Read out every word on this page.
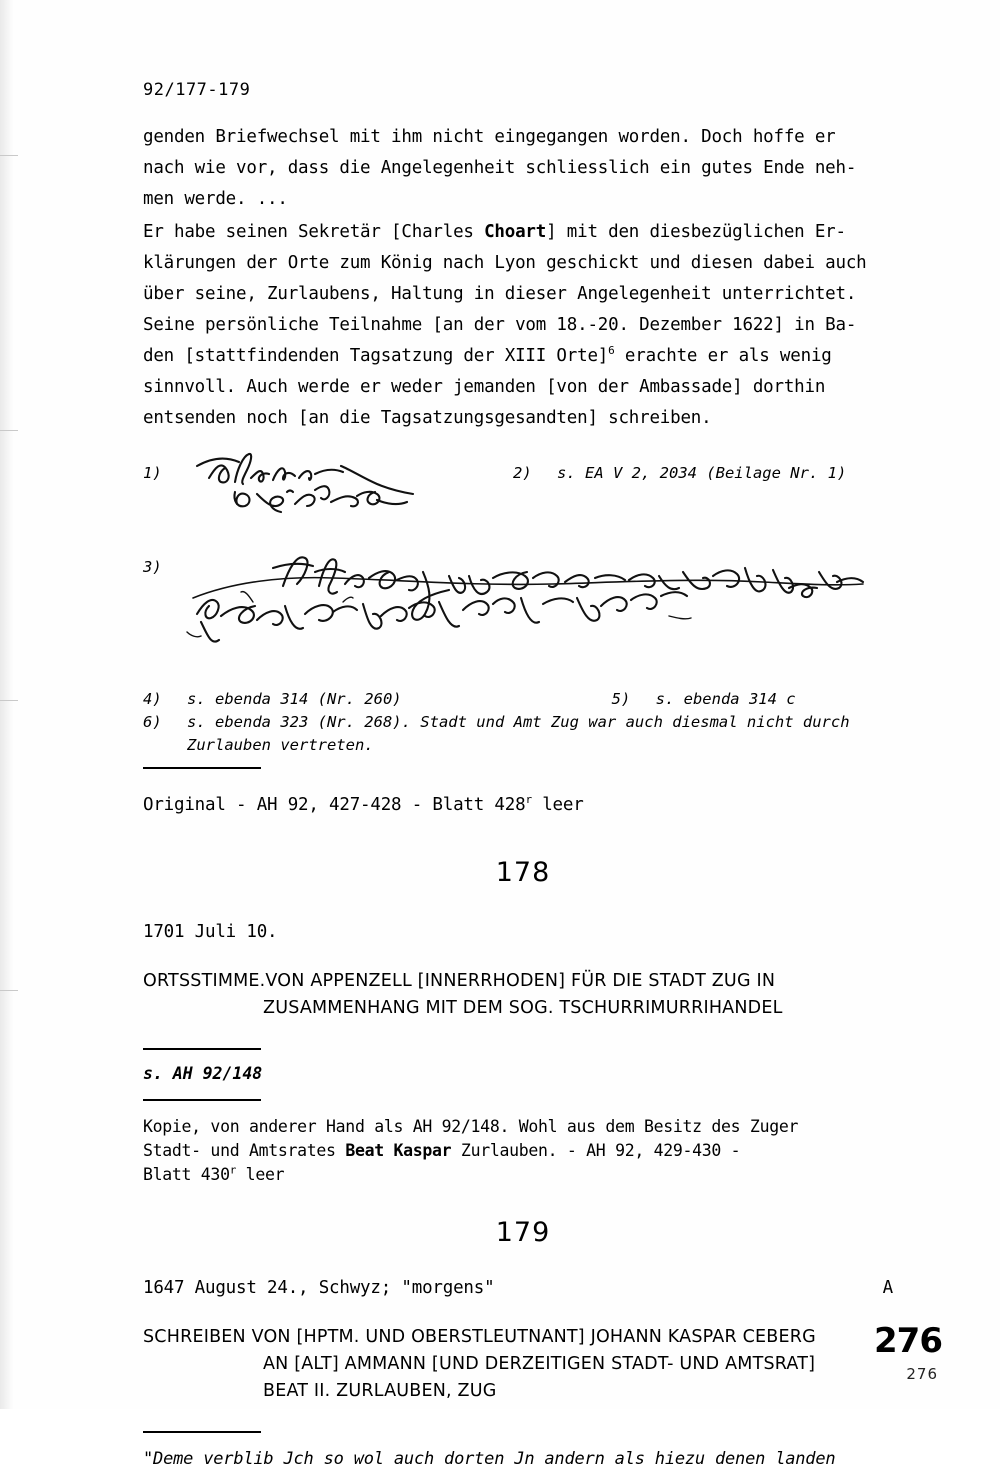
92/177-179

genden Briefwechsel mit ihm nicht eingegangen worden. Doch hoffe er
nach wie vor, dass die Angelegenheit schliesslich ein gutes Ende neh-
men werde. ...

Er habe seinen Sekretär [Charles Choart] mit den diesbezüglichen Er-
klärungen der Orte zum König nach Lyon geschickt und diesen dabei auch
über seine, Zurlaubens, Haltung in dieser Angelegenheit unterrichtet.
Seine persönliche Teilnahme [an der vom 18.-20. Dezember 1622] in Ba-
den [stattfindenden Tagsatzung der XIII Orte]$^6$ erachte er als wenig
sinnvoll. Auch werde er weder jemanden [von der Ambassade] dorthin
entsenden noch [an die Tagsatzungsgesandten] schreiben.

1)	2)	s. EA V 2, 2034 (Beilage Nr. 1)
3)
4)	s. ebenda 314 (Nr. 260)	5)	s. ebenda 314 c
6)	s. ebenda 323 (Nr. 268). Stadt und Amt Zug war auch diesmal nicht durch
Zurlauben vertreten.
Original - AH 92, 427-428 - Blatt 428$^r$ leer
178
1701 Juli 10.
ORTSSTIMME.VON APPENZELL [INNERRHODEN] FÜR DIE STADT ZUG IN
ZUSAMMENHANG MIT DEM SOG. TSCHURRIMURRIHANDEL
s. AH 92/148
Kopie, von anderer Hand als AH 92/148. Wohl aus dem Besitz des Zuger
Stadt- und Amtsrates Beat Kaspar Zurlauben. - AH 92, 429-430 -
Blatt 430$^r$ leer
179
1647 August 24., Schwyz; "morgens"	A
SCHREIBEN VON [HPTM. UND OBERSTLEUTNANT] JOHANN KASPAR CEBERG
AN [ALT] AMMANN [UND DERZEITIGEN STADT- UND AMTSRAT]
BEAT II. ZURLAUBEN, ZUG
"Deme verblib Jch so wol auch dorten Jn andern als hiezu denen landen
276
276
